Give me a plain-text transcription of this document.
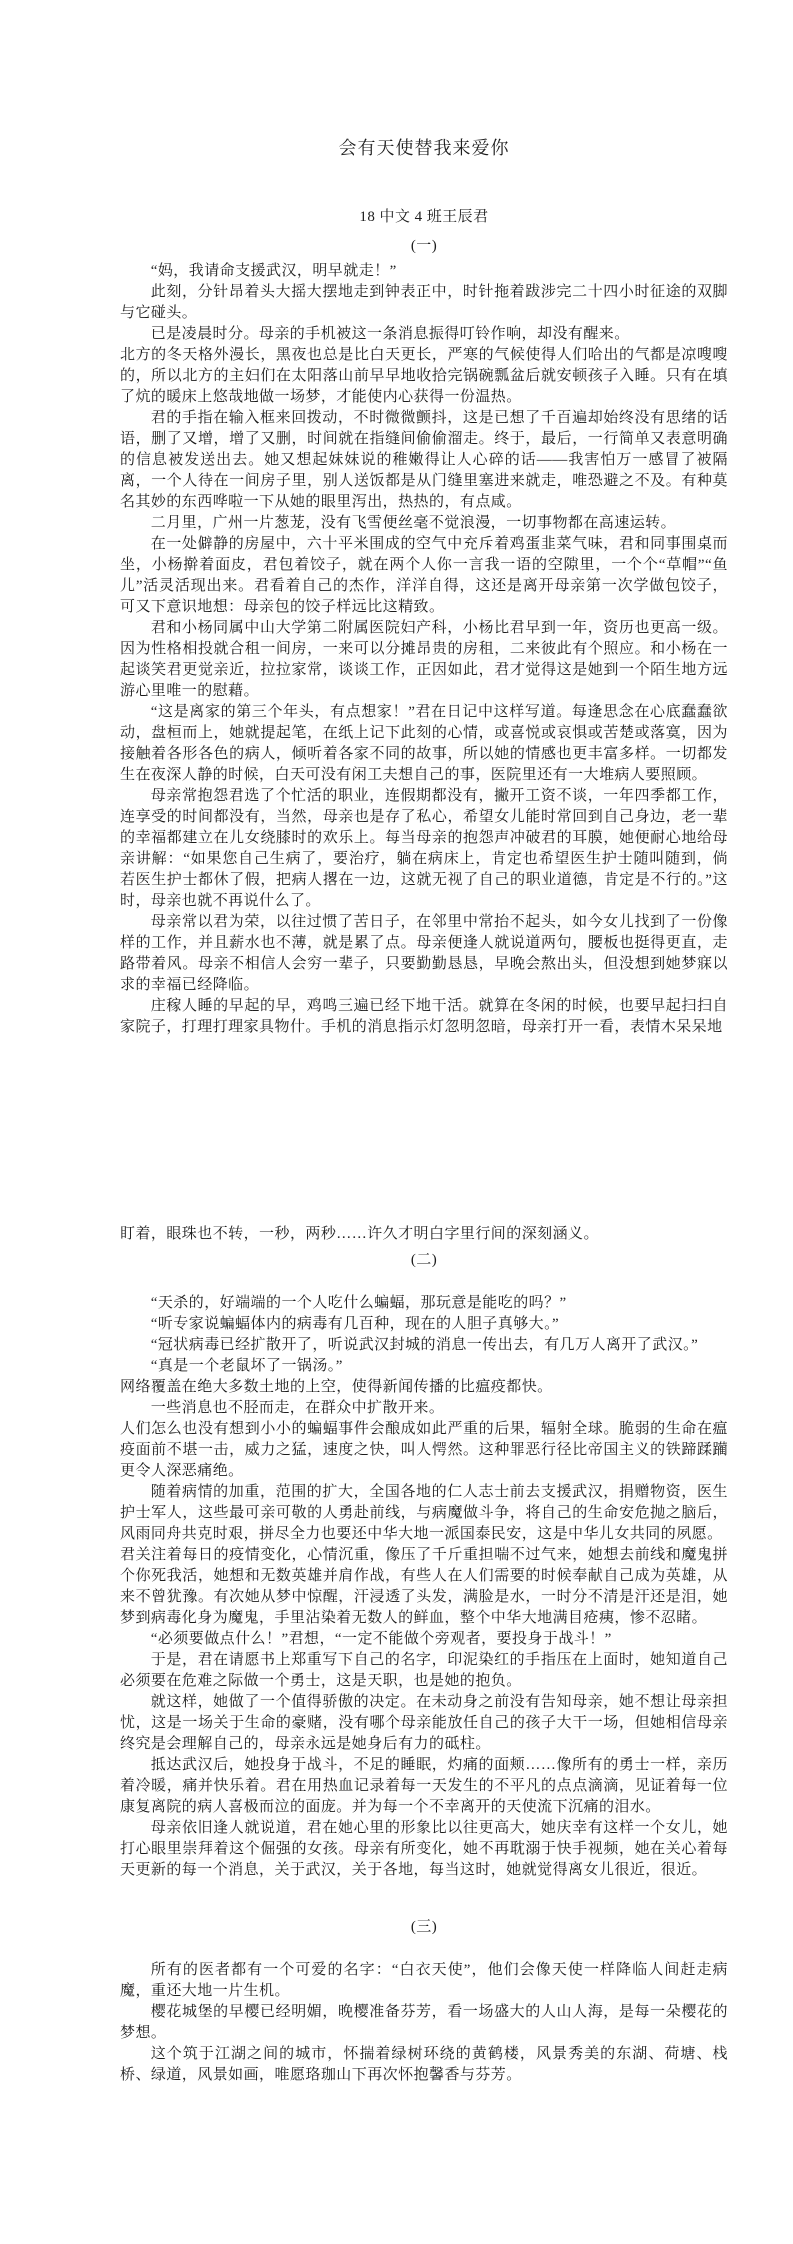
会有天使替我来爱你
18 中文 4 班王辰君
(一)

“妈，我请命支援武汉，明早就走！”

此刻，分针昂着头大摇大摆地走到钟表正中，时针拖着跋涉完二十四小时征途的双脚与它碰头。

已是凌晨时分。母亲的手机被这一条消息振得叮铃作响，却没有醒来。

北方的冬天格外漫长，黑夜也总是比白天更长，严寒的气候使得人们哈出的气都是凉嗖嗖的，所以北方的主妇们在太阳落山前早早地收拾完锅碗瓢盆后就安顿孩子入睡。只有在填了炕的暖床上悠哉地做一场梦，才能使内心获得一份温热。

君的手指在输入框来回拨动，不时微微颤抖，这是已想了千百遍却始终没有思绪的话语，删了又增，增了又删，时间就在指缝间偷偷溜走。终于，最后，一行简单又表意明确的信息被发送出去。她又想起妹妹说的稚嫩得让人心碎的话——我害怕万一感冒了被隔离，一个人待在一间房子里，别人送饭都是从门缝里塞进来就走，唯恐避之不及。有种莫名其妙的东西哗啦一下从她的眼里泻出，热热的，有点咸。

二月里，广州一片葱茏，没有飞雪便丝毫不觉浪漫，一切事物都在高速运转。

在一处僻静的房屋中，六十平米围成的空气中充斥着鸡蛋韭菜气味，君和同事围桌而坐，小杨擀着面皮，君包着饺子，就在两个人你一言我一语的空隙里，一个个“草帽”“鱼儿”活灵活现出来。君看着自己的杰作，洋洋自得，这还是离开母亲第一次学做包饺子，可又下意识地想：母亲包的饺子样远比这精致。

君和小杨同属中山大学第二附属医院妇产科，小杨比君早到一年，资历也更高一级。因为性格相投就合租一间房，一来可以分摊昂贵的房租，二来彼此有个照应。和小杨在一起谈笑君更觉亲近，拉拉家常，谈谈工作，正因如此，君才觉得这是她到一个陌生地方远游心里唯一的慰藉。

“这是离家的第三个年头，有点想家！”君在日记中这样写道。每逢思念在心底蠢蠢欲动，盘桓而上，她就提起笔，在纸上记下此刻的心情，或喜悦或哀惧或苦楚或落寞，因为接触着各形各色的病人，倾听着各家不同的故事，所以她的情感也更丰富多样。一切都发生在夜深人静的时候，白天可没有闲工夫想自己的事，医院里还有一大堆病人要照顾。

母亲常抱怨君选了个忙活的职业，连假期都没有，撇开工资不谈，一年四季都工作，连享受的时间都没有，当然，母亲也是存了私心，希望女儿能时常回到自己身边，老一辈的幸福都建立在儿女绕膝时的欢乐上。每当母亲的抱怨声冲破君的耳膜，她便耐心地给母亲讲解：“如果您自己生病了，要治疗，躺在病床上，肯定也希望医生护士随叫随到，倘若医生护士都休了假，把病人撂在一边，这就无视了自己的职业道德，肯定是不行的。”这时，母亲也就不再说什么了。

母亲常以君为荣，以往过惯了苦日子，在邻里中常抬不起头，如今女儿找到了一份像样的工作，并且薪水也不薄，就是累了点。母亲便逢人就说道两句，腰板也挺得更直，走路带着风。母亲不相信人会穷一辈子，只要勤勤恳恳，早晚会熬出头，但没想到她梦寐以求的幸福已经降临。

庄稼人睡的早起的早，鸡鸣三遍已经下地干活。就算在冬闲的时候，也要早起扫扫自家院子，打理打理家具物什。手机的消息指示灯忽明忽暗，母亲打开一看，表情木呆呆地

盯着，眼珠也不转，一秒，两秒……许久才明白字里行间的深刻涵义。

(二)

“天杀的，好端端的一个人吃什么蝙蝠，那玩意是能吃的吗？”

“听专家说蝙蝠体内的病毒有几百种，现在的人胆子真够大。”

“冠状病毒已经扩散开了，听说武汉封城的消息一传出去，有几万人离开了武汉。”

“真是一个老鼠坏了一锅汤。”

网络覆盖在绝大多数土地的上空，使得新闻传播的比瘟疫都快。

一些消息也不胫而走，在群众中扩散开来。

人们怎么也没有想到小小的蝙蝠事件会酿成如此严重的后果，辐射全球。脆弱的生命在瘟疫面前不堪一击，威力之猛，速度之快，叫人愕然。这种罪恶行径比帝国主义的铁蹄蹂躏更令人深恶痛绝。

随着病情的加重，范围的扩大，全国各地的仁人志士前去支援武汉，捐赠物资，医生护士军人，这些最可亲可敬的人勇赴前线，与病魔做斗争，将自己的生命安危抛之脑后，风雨同舟共克时艰，拼尽全力也要还中华大地一派国泰民安，这是中华儿女共同的夙愿。

君关注着每日的疫情变化，心情沉重，像压了千斤重担喘不过气来，她想去前线和魔鬼拼个你死我活，她想和无数英雄并肩作战，有些人在人们需要的时候奉献自己成为英雄，从来不曾犹豫。有次她从梦中惊醒，汗浸透了头发，满脸是水，一时分不清是汗还是泪，她梦到病毒化身为魔鬼，手里沾染着无数人的鲜血，整个中华大地满目疮痍，惨不忍睹。

“必须要做点什么！”君想，“一定不能做个旁观者，要投身于战斗！”

于是，君在请愿书上郑重写下自己的名字，印泥染红的手指压在上面时，她知道自己必须要在危难之际做一个勇士，这是天职，也是她的抱负。

就这样，她做了一个值得骄傲的决定。在未动身之前没有告知母亲，她不想让母亲担忧，这是一场关于生命的豪赌，没有哪个母亲能放任自己的孩子大干一场，但她相信母亲终究是会理解自己的，母亲永远是她身后有力的砥柱。

抵达武汉后，她投身于战斗，不足的睡眠，灼痛的面颊……像所有的勇士一样，亲历着冷暖，痛并快乐着。君在用热血记录着每一天发生的不平凡的点点滴滴，见证着每一位康复离院的病人喜极而泣的面庞。并为每一个不幸离开的天使流下沉痛的泪水。

母亲依旧逢人就说道，君在她心里的形象比以往更高大，她庆幸有这样一个女儿，她打心眼里崇拜着这个倔强的女孩。母亲有所变化，她不再耽溺于快手视频，她在关心着每天更新的每一个消息，关于武汉，关于各地，每当这时，她就觉得离女儿很近，很近。

(三)

所有的医者都有一个可爱的名字：“白衣天使”，他们会像天使一样降临人间赶走病魔，重还大地一片生机。

樱花城堡的早樱已经明媚，晚樱准备芬芳，看一场盛大的人山人海，是每一朵樱花的梦想。

这个筑于江湖之间的城市，怀揣着绿树环绕的黄鹤楼，风景秀美的东湖、荷塘、栈桥、绿道，风景如画，唯愿珞珈山下再次怀抱馨香与芬芳。
